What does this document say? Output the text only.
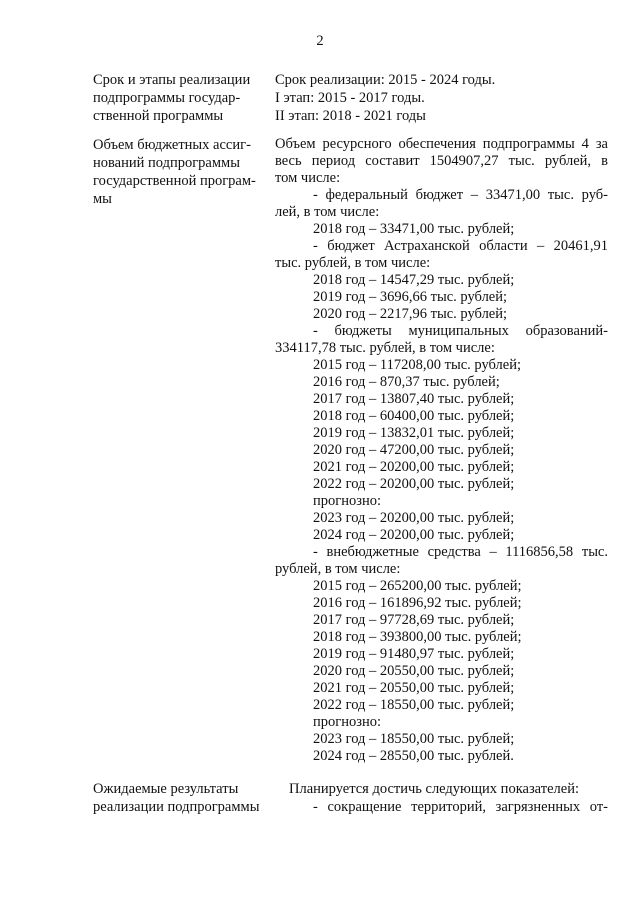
2
Срок и этапы реализации
подпрограммы государ-
ственной программы
Срок реализации: 2015 - 2024 годы.
I этап: 2015 - 2017 годы.
II этап: 2018 - 2021 годы
Объем бюджетных ассиг-
нований подпрограммы
государственной програм-
мы
Объем ресурсного обеспечения подпрограммы 4 за
весь период составит 1504907,27 тыс. рублей, в
том числе:
- федеральный бюджет – 33471,00 тыс. руб-
лей, в том числе:
2018 год – 33471,00 тыс. рублей;
- бюджет Астраханской области – 20461,91
тыс. рублей, в том числе:
2018 год – 14547,29 тыс. рублей;
2019 год – 3696,66 тыс. рублей;
2020 год – 2217,96 тыс. рублей;
- бюджеты муниципальных образований-
334117,78 тыс. рублей, в том числе:
2015 год – 117208,00 тыс. рублей;
2016 год – 870,37 тыс. рублей;
2017 год – 13807,40 тыс. рублей;
2018 год – 60400,00 тыс. рублей;
2019 год – 13832,01 тыс. рублей;
2020 год – 47200,00 тыс. рублей;
2021 год – 20200,00 тыс. рублей;
2022 год – 20200,00 тыс. рублей;
прогнозно:
2023 год – 20200,00 тыс. рублей;
2024 год – 20200,00 тыс. рублей;
- внебюджетные средства – 1116856,58 тыс.
рублей, в том числе:
2015 год – 265200,00 тыс. рублей;
2016 год – 161896,92 тыс. рублей;
2017 год – 97728,69 тыс. рублей;
2018 год – 393800,00 тыс. рублей;
2019 год – 91480,97 тыс. рублей;
2020 год – 20550,00 тыс. рублей;
2021 год – 20550,00 тыс. рублей;
2022 год – 18550,00 тыс. рублей;
прогнозно:
2023 год – 18550,00 тыс. рублей;
2024 год – 28550,00 тыс. рублей.
Ожидаемые результаты
реализации подпрограммы
Планируется достичь следующих показателей:
- сокращение территорий, загрязненных от-
